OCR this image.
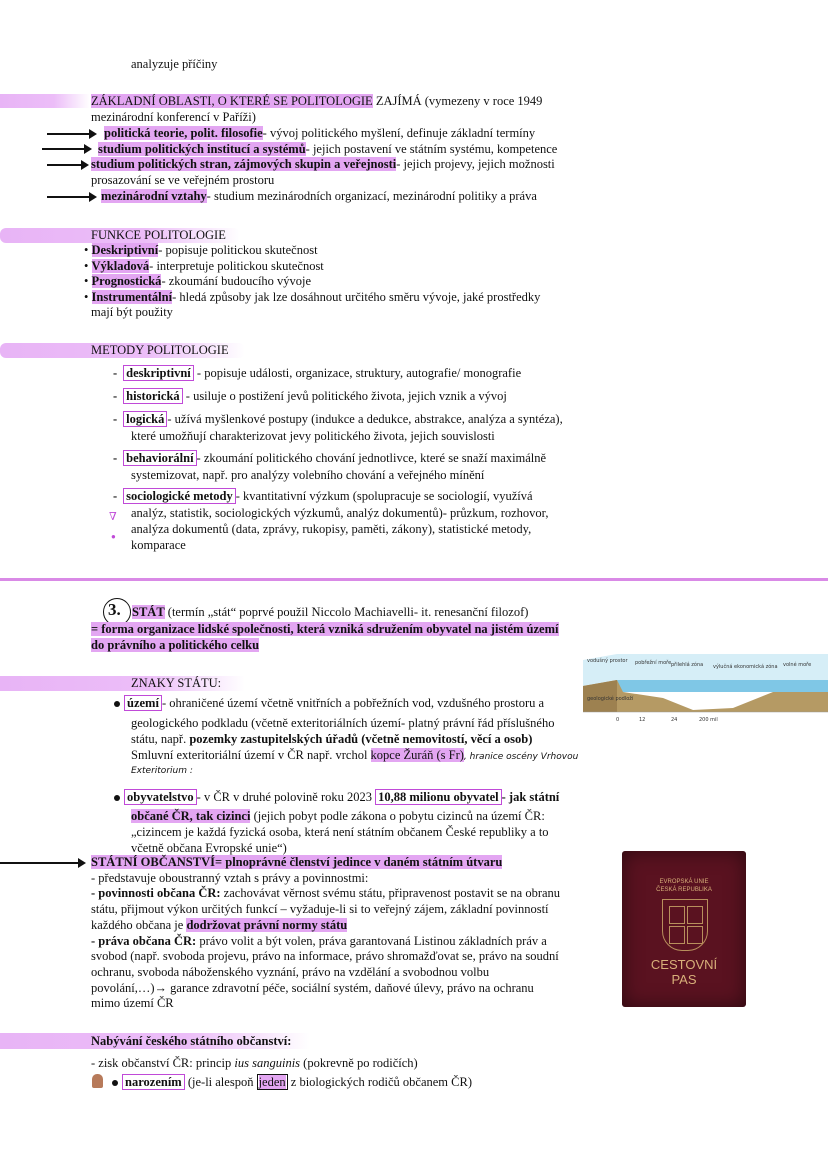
analyzuje příčiny
ZÁKLADNÍ OBLASTI, O KTERÉ SE POLITOLOGIE ZAJÍMÁ (vymezeny v roce 1949
mezinárodní konferencí v Paříži)
politická teorie, polit. filosofie- vývoj politického myšlení, definuje základní termíny
studium politických institucí a systémů- jejich postavení ve státním systému, kompetence
studium politických stran, zájmových skupin a veřejnosti- jejich projevy, jejich možnosti
prosazování se ve veřejném prostoru
mezinárodní vztahy- studium mezinárodních organizací, mezinárodní politiky a práva
FUNKCE POLITOLOGIE
• Deskriptivní- popisuje politickou skutečnost
• Výkladová- interpretuje politickou skutečnost
• Prognostická- zkoumání budoucího vývoje
• Instrumentální- hledá způsoby jak lze dosáhnout určitého směru vývoje, jaké prostředky
mají být použity
METODY POLITOLOGIE
- deskriptivní - popisuje události, organizace, struktury, autografie/ monografie
- historická - usiluje o postižení jevů politického života, jejich vznik a vývoj
- logická - užívá myšlenkové postupy (indukce a dedukce, abstrakce, analýza a syntéza),
které umožňují charakterizovat jevy politického života, jejich souvislosti
- behaviorální - zkoumání politického chování jednotlivce, které se snaží maximálně
systemizovat, např. pro analýzy volebního chování a veřejného mínění
- sociologické metody - kvantitativní výzkum (spolupracuje se sociologií, využívá
analýz, statistik, sociologických výzkumů, analýz dokumentů)- průzkum, rozhovor,
analýza dokumentů (data, zprávy, rukopisy, paměti, zákony), statistické metody,
komparace
∇
●
3. STÁT (termín „stát“ poprvé použil Niccolo Machiavelli- it. renesanční filozof)
= forma organizace lidské společnosti, která vzniká sdružením obyvatel na jistém území
do právního a politického celku
vodušný prostor pobřežní moře přilehlá zóna výlučná ekonomická zóna volné moře
geologické podloží
0	12	24	200 mil
ZNAKY STÁTU:
území - ohraničené území včetně vnitřních a pobřežních vod, vzdušného prostoru a
geologického podkladu (včetně exteritoriálních území- platný právní řád příslušného
státu, např. pozemky zastupitelských úřadů (včetně nemovitostí, věcí a osob)
Smluvní exteritoriální území v ČR např. vrchol kopce Žuráň (s Fr), hranice oscény Vrhovou
Exteritorium :
obyvatelstvo - v ČR v druhé polovině roku 2023 10,88 milionu obyvatel - jak státní
občané ČR, tak cizinci (jejich pobyt podle zákona o pobytu cizinců na území ČR:
„cizincem je každá fyzická osoba, která není státním občanem České republiky a to
včetně občana Evropské unie“)
STÁTNÍ OBČANSTVÍ= plnoprávné členství jedince v daném státním útvaru
- představuje oboustranný vztah s právy a povinnostmi:
- povinnosti občana ČR: zachovávat věrnost svému státu, připravenost postavit se na obranu
státu, přijmout výkon určitých funkcí – vyžaduje-li si to veřejný zájem, základní povinností
každého občana je dodržovat právní normy státu
- práva občana ČR: právo volit a být volen, práva garantovaná Listinou základních práv a
svobod (např. svoboda projevu, právo na informace, právo shromažďovat se, právo na soudní
ochranu, svoboda náboženského vyznání, právo na vzdělání a svobodnou volbu
povolání,…)→ garance zdravotní péče, sociální systém, daňové úlevy, právo na ochranu
mimo území ČR
EVROPSKÁ UNIE
ČESKÁ REPUBLIKA
CESTOVNÍ
PAS
Nabývání českého státního občanství:
- zisk občanství ČR: princip ius sanguinis (pokrevně po rodičích)
narozením (je-li alespoň jeden z biologických rodičů občanem ČR)
